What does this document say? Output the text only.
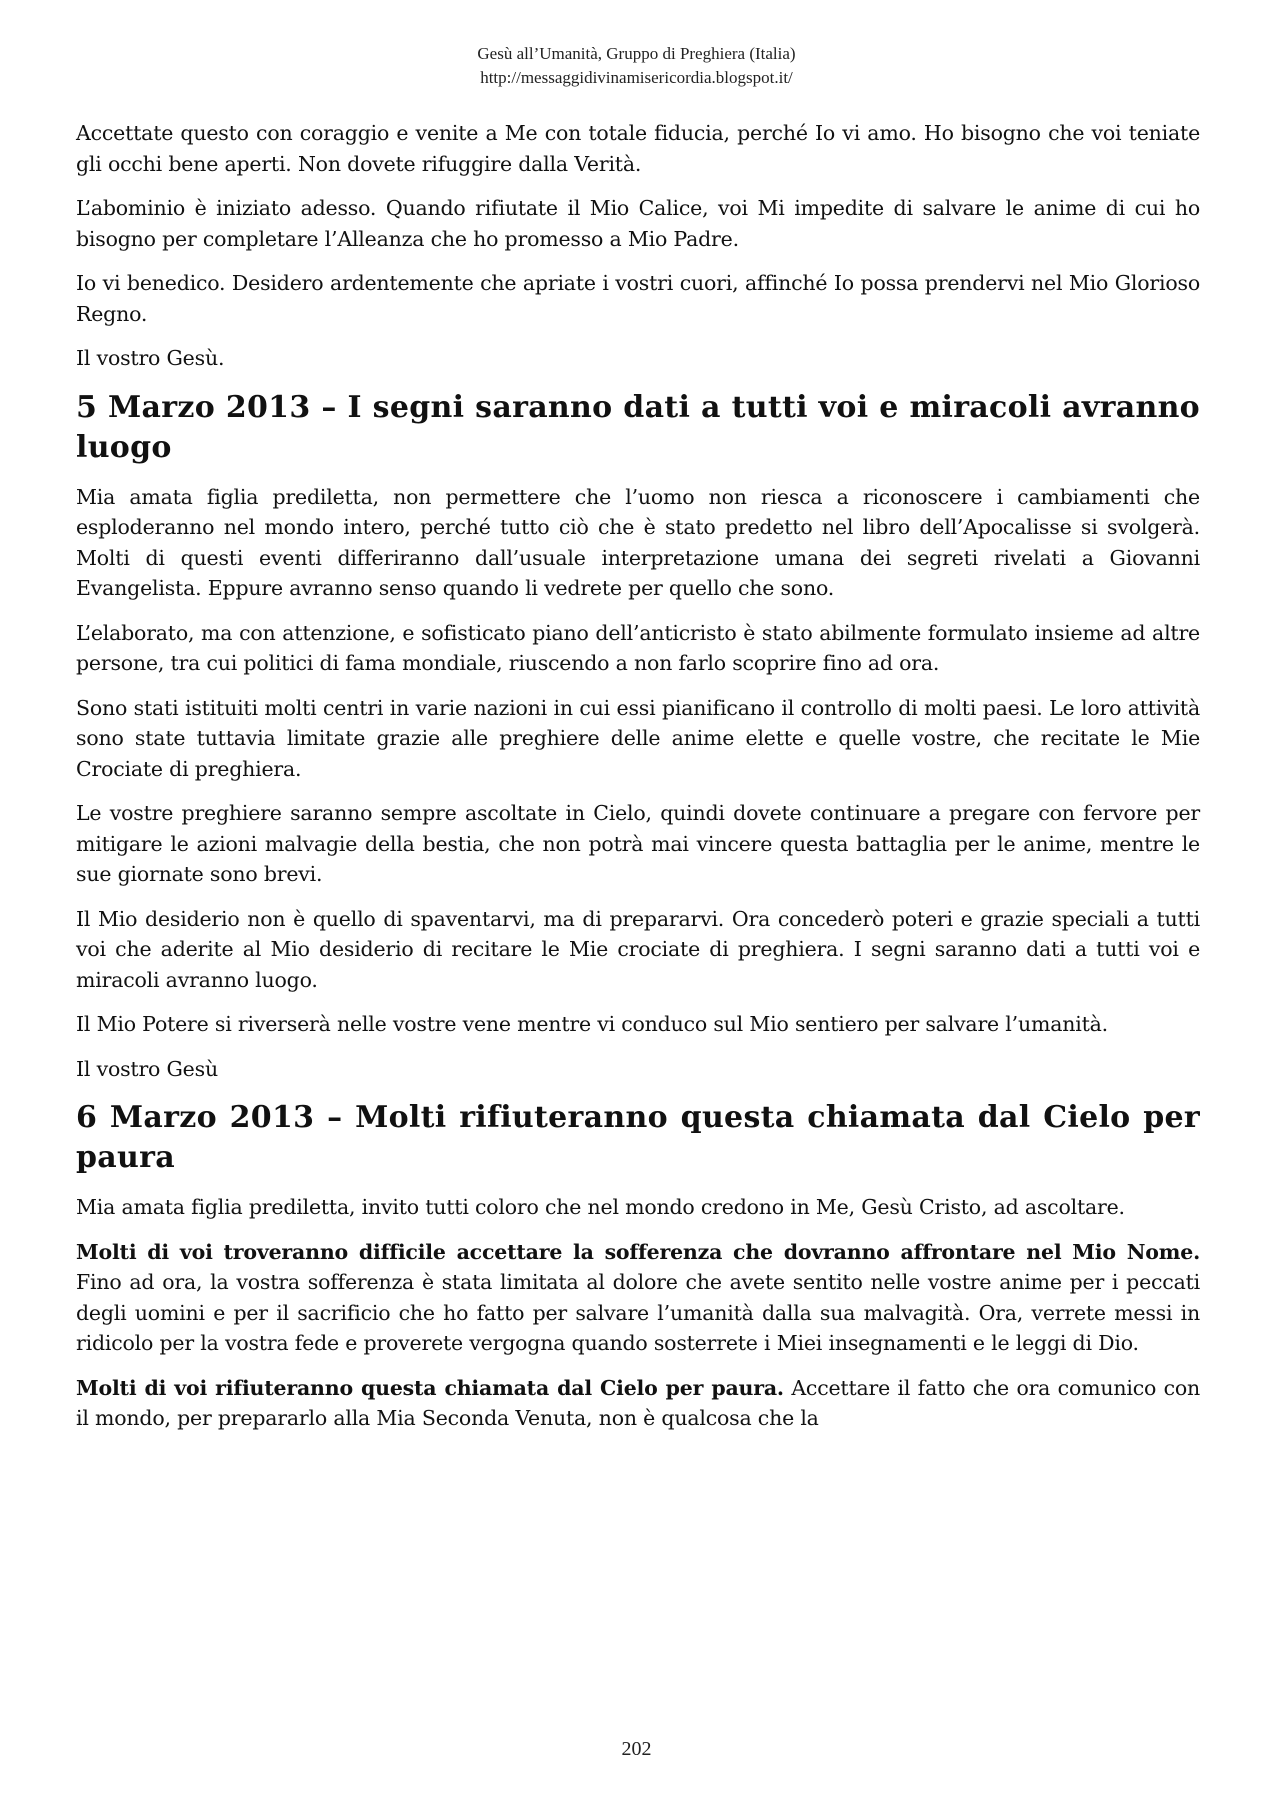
Gesù all’Umanità, Gruppo di Preghiera (Italia)
http://messaggidivinamisericordia.blogspot.it/

Accettate questo con coraggio e venite a Me con totale fiducia, perché Io vi amo. Ho bisogno che voi teniate gli occhi bene aperti. Non dovete rifuggire dalla Verità.

L’abominio è iniziato adesso. Quando rifiutate il Mio Calice, voi Mi impedite di salvare le anime di cui ho bisogno per completare l’Alleanza che ho promesso a Mio Padre.

Io vi benedico. Desidero ardentemente che apriate i vostri cuori, affinché Io possa prendervi nel Mio Glorioso Regno.

Il vostro Gesù.

5 Marzo 2013 – I segni saranno dati a tutti voi e miracoli avranno luogo

Mia amata figlia prediletta, non permettere che l’uomo non riesca a riconoscere i cambiamenti che esploderanno nel mondo intero, perché tutto ciò che è stato predetto nel libro dell’Apocalisse si svolgerà. Molti di questi eventi differiranno dall’usuale interpretazione umana dei segreti rivelati a Giovanni Evangelista. Eppure avranno senso quando li vedrete per quello che sono.

L’elaborato, ma con attenzione, e sofisticato piano dell’anticristo è stato abilmente formulato insieme ad altre persone, tra cui politici di fama mondiale, riuscendo a non farlo scoprire fino ad ora.

Sono stati istituiti molti centri in varie nazioni in cui essi pianificano il controllo di molti paesi. Le loro attività sono state tuttavia limitate grazie alle preghiere delle anime elette e quelle vostre, che recitate le Mie Crociate di preghiera.

Le vostre preghiere saranno sempre ascoltate in Cielo, quindi dovete continuare a pregare con fervore per mitigare le azioni malvagie della bestia, che non potrà mai vincere questa battaglia per le anime, mentre le sue giornate sono brevi.

Il Mio desiderio non è quello di spaventarvi, ma di prepararvi. Ora concederò poteri e grazie speciali a tutti voi che aderite al Mio desiderio di recitare le Mie crociate di preghiera. I segni saranno dati a tutti voi e miracoli avranno luogo.

Il Mio Potere si riverserà nelle vostre vene mentre vi conduco sul Mio sentiero per salvare l’umanità.

Il vostro Gesù

6 Marzo 2013 – Molti rifiuteranno questa chiamata dal Cielo per paura

Mia amata figlia prediletta, invito tutti coloro che nel mondo credono in Me, Gesù Cristo, ad ascoltare.

Molti di voi troveranno difficile accettare la sofferenza che dovranno affrontare nel Mio Nome. Fino ad ora, la vostra sofferenza è stata limitata al dolore che avete sentito nelle vostre anime per i peccati degli uomini e per il sacrificio che ho fatto per salvare l’umanità dalla sua malvagità. Ora, verrete messi in ridicolo per la vostra fede e proverete vergogna quando sosterrete i Miei insegnamenti e le leggi di Dio.

Molti di voi rifiuteranno questa chiamata dal Cielo per paura. Accettare il fatto che ora comunico con il mondo, per prepararlo alla Mia Seconda Venuta, non è qualcosa che la

202
